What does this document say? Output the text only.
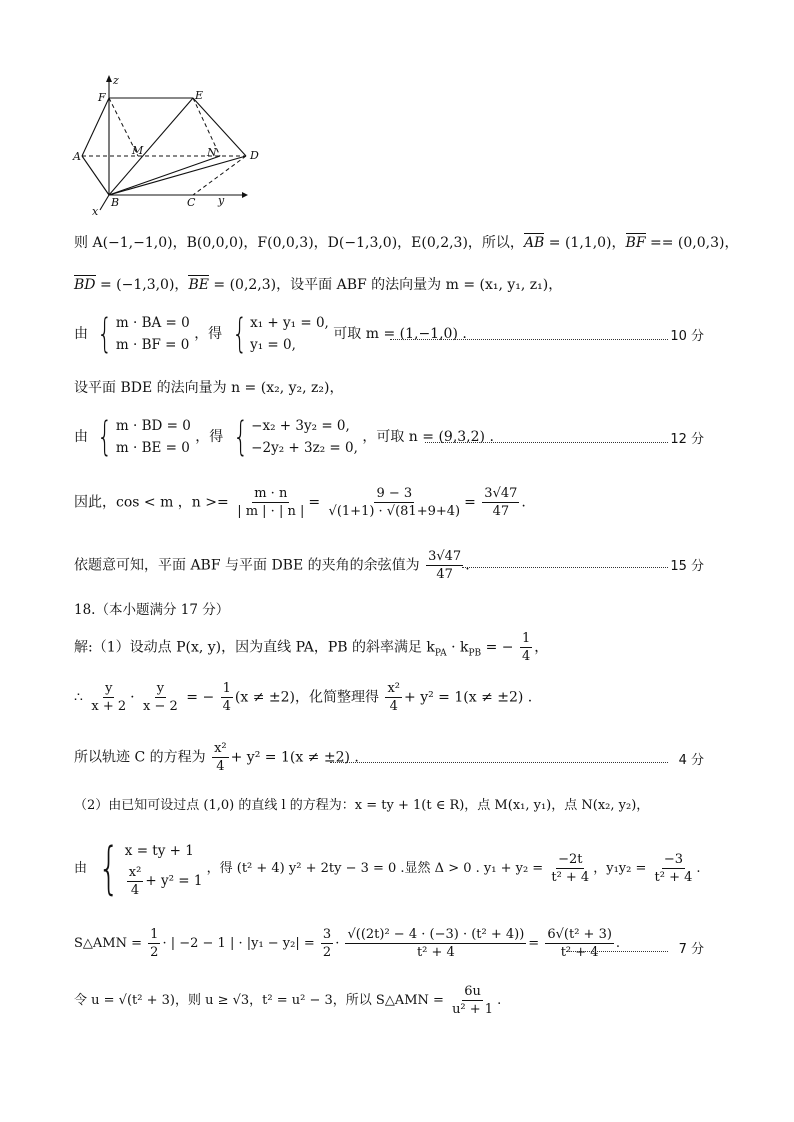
z
F	E
A	M	N	D
B	C
x
y
则 A(−1,−1,0)，B(0,0,0)，F(0,0,3)，D(−1,3,0)，E(0,2,3)，所以，AB = (1,1,0)，BF == (0,0,3)，
BD = (−1,3,0)，BE = (0,2,3)，设平面 ABF 的法向量为 m = (x₁, y₁, z₁)，
由 { m · BA = 0
m · BF = 0
，得 { x₁ + y₁ = 0,
y₁ = 0,
可取 m = (1,−1,0) .	10 分
设平面 BDE 的法向量为 n = (x₂, y₂, z₂)，
由 { m · BD = 0
m · BE = 0
，得 { −x₂ + 3y₂ = 0,
−2y₂ + 3z₂ = 0,
，可取 n = (9,3,2) .	12 分
因此，cos < m ，$n >= \frac{m \cdot n}{| m | \cdot | n |} = \frac{9 - 3}{√(1+1) \cdot √(81+9+4)} = \frac{3√47}{47}$ .
依题意可知，平面 ABF 与平面 DBE 的夹角的余弦值为 $\frac{3√47}{47}$ .	15 分
18.（本小题满分 17 分）
解:（1）设动点 P(x, y)，因为直线 PA，PB 的斜率满足 $k_{PA} \cdot k_{PB}$ = − $\frac{1}{4}$ ，
∴ $\frac{y}{x + 2} \cdot \frac{y}{x - 2}$ = − $\frac{1}{4} (x \ne \pm 2)$，化简整理得 $\frac{\text{x²}}{4} + y^2 = 1(x \ne \pm 2)$ .
所以轨迹 C 的方程为 $\frac{\text{x²}}{4} + y^2 = 1(x \ne \pm 2)$ .	4 分
（2）由已知可设过点 (1,0) 的直线 l 的方程为：x = ty + 1(t ∈ R)，点 M(x₁, y₁)，点 N(x₂, y₂)，
由 { x = ty + 1
$\frac{\text{x²}}{4} + y^2 = 1$
，得 (t² + 4) y² + 2ty − 3 = 0 .显然 Δ > 0 . $y_1 + y_2 = \frac{-2t}{\text{t² + 4}}$ ，$y_1y_2 = \frac{-3}{\text{t² + 4}}$ .
S△AMN = $\frac{1}{2}$ · | −2 − 1 | · $|y_1 - y_2| = \frac{3}{2} \cdot \frac{\text{√((2t)² − 4 · (−3) · (t² + 4))}}{\text{t² + 4}} = \frac{\text{6√(t² + 3)}}{\text{t² + 4}}$ .	7 分
令 u = √(t² + 3)，则 u ≥ √3，t² = u² − 3，所以 S△AMN = $\frac{6u}{\text{u² + 1}}$ .
